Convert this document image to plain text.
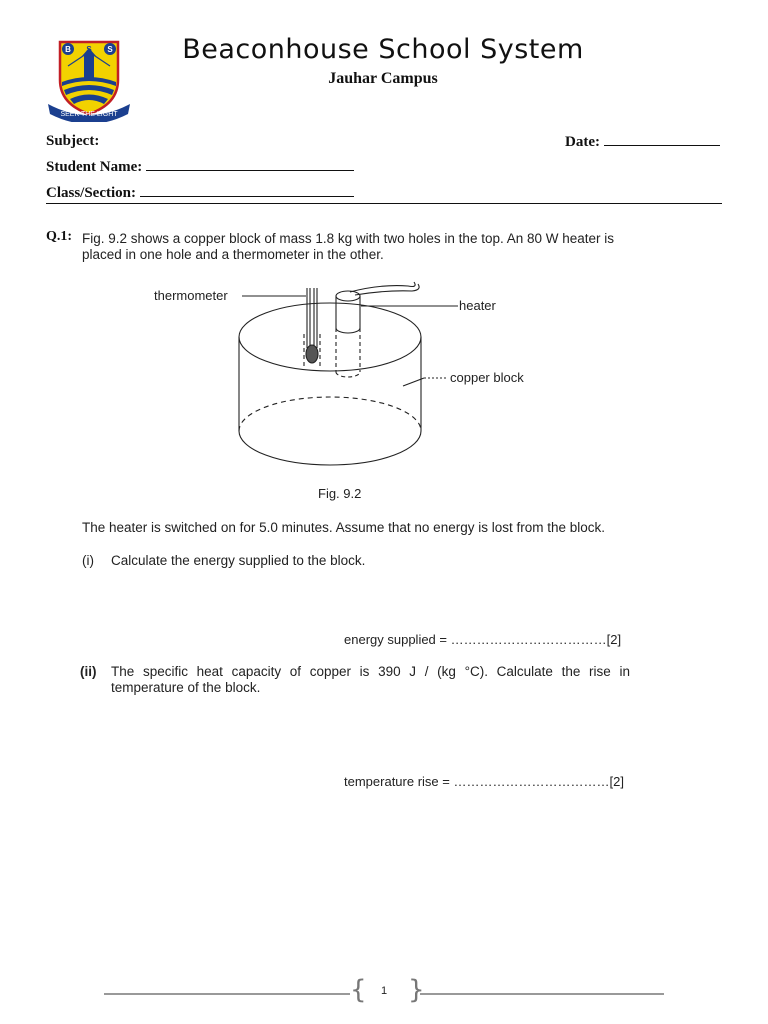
B S S
SEEK THE LIGHT
Beaconhouse School System
Jauhar Campus
Subject:	Date:
Student Name:
Class/Section:
Q.1: Fig. 9.2 shows a copper block of mass 1.8 kg with two holes in the top. An 80 W heater is placed in one hole and a thermometer in the other.
thermometer
heater
copper block
Fig. 9.2
The heater is switched on for 5.0 minutes. Assume that no energy is lost from the block.
(i) Calculate the energy supplied to the block.
energy supplied = ………………………………[2]
(ii) The specific heat capacity of copper is 390 J / (kg °C). Calculate the rise in temperature of the block.
temperature rise = ………………………………[2]
{ }
1
